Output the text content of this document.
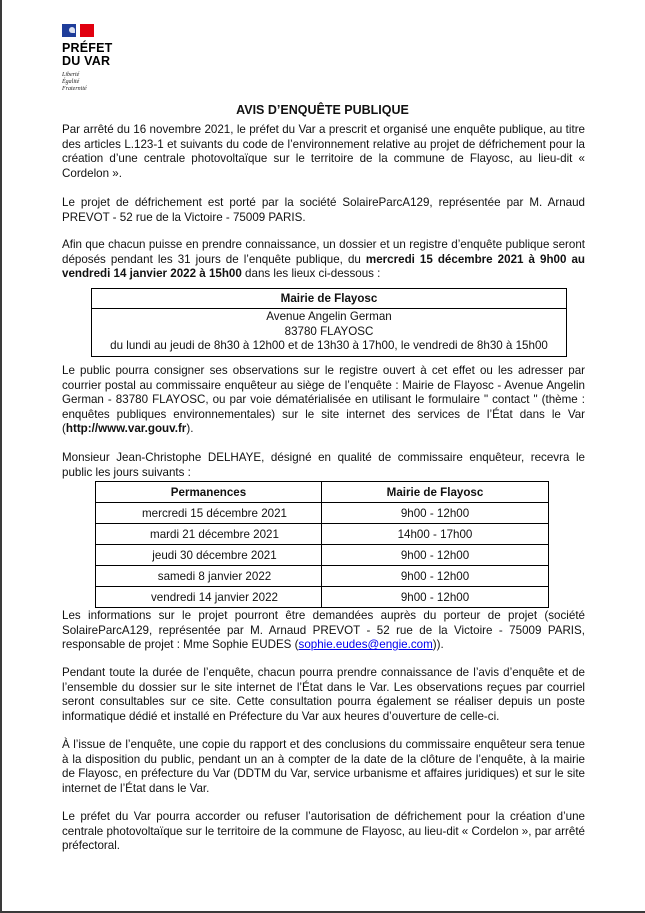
PRÉFET
DU VAR
Liberté
Égalité
Fraternité
AVIS D’ENQUÊTE PUBLIQUE
Par arrêté du 16 novembre 2021, le préfet du Var a prescrit et organisé une enquête publique, au titre des articles L.123-1 et suivants du code de l’environnement relative au projet de défrichement pour la création d’une centrale photovoltaïque sur le territoire de la commune de Flayosc, au lieu-dit « Cordelon ».
Le projet de défrichement est porté par la société SolaireParcA129, représentée par M. Arnaud PREVOT - 52 rue de la Victoire - 75009 PARIS.
Afin que chacun puisse en prendre connaissance, un dossier et un registre d’enquête publique seront déposés pendant les 31 jours de l’enquête publique, du mercredi 15 décembre 2021 à 9h00 au vendredi 14 janvier 2022 à 15h00 dans les lieux ci-dessous :
Mairie de Flayosc

Avenue Angelin German
83780 FLAYOSC
du lundi au jeudi de 8h30 à 12h00 et de 13h30 à 17h00, le vendredi de 8h30 à 15h00
Le public pourra consigner ses observations sur le registre ouvert à cet effet ou les adresser par courrier postal au commissaire enquêteur au siège de l’enquête : Mairie de Flayosc - Avenue Angelin German - 83780 FLAYOSC, ou par voie dématérialisée en utilisant le formulaire " contact " (thème : enquêtes publiques environnementales) sur le site internet des services de l’État dans le Var (http://www.var.gouv.fr).
Monsieur Jean-Christophe DELHAYE, désigné en qualité de commissaire enquêteur, recevra le public les jours suivants :
Permanences	Mairie de Flayosc
mercredi 15 décembre 2021	9h00 - 12h00
mardi 21 décembre 2021	14h00 - 17h00
jeudi 30 décembre 2021	9h00 - 12h00
samedi 8 janvier 2022	9h00 - 12h00
vendredi 14 janvier 2022	9h00 - 12h00
Les informations sur le projet pourront être demandées auprès du porteur de projet (société SolaireParcA129, représentée par M. Arnaud PREVOT - 52 rue de la Victoire - 75009 PARIS, responsable de projet : Mme Sophie EUDES (sophie.eudes@engie.com)).
Pendant toute la durée de l’enquête, chacun pourra prendre connaissance de l’avis d’enquête et de l’ensemble du dossier sur le site internet de l’État dans le Var. Les observations reçues par courriel seront consultables sur ce site. Cette consultation pourra également se réaliser depuis un poste informatique dédié et installé en Préfecture du Var aux heures d’ouverture de celle-ci.
À l’issue de l’enquête, une copie du rapport et des conclusions du commissaire enquêteur sera tenue à la disposition du public, pendant un an à compter de la date de la clôture de l’enquête, à la mairie de Flayosc, en préfecture du Var (DDTM du Var, service urbanisme et affaires juridiques) et sur le site internet de l’État dans le Var.
Le préfet du Var pourra accorder ou refuser l’autorisation de défrichement pour la création d’une centrale photovoltaïque sur le territoire de la commune de Flayosc, au lieu-dit « Cordelon », par arrêté préfectoral.
